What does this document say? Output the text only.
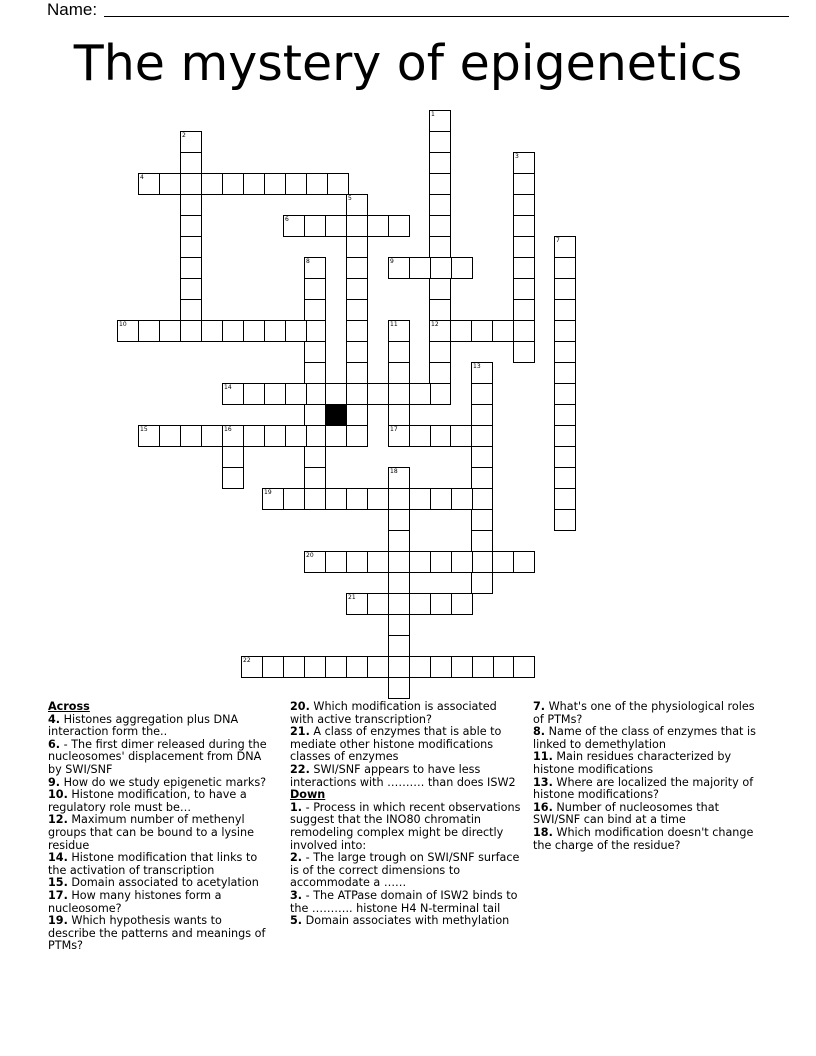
Name:
The mystery of epigenetics
1
12
2
3
4
5
6
7
8	9
10	11
17
13
14
15	16
18
19
20
21
22
Across
4. Histones aggregation plus DNA interaction form the..
6. - The first dimer released during the nucleosomes' displacement from DNA by SWI/SNF
9. How do we study epigenetic marks?
10. Histone modification, to have a regulatory role must be…
12. Maximum number of methenyl groups that can be bound to a lysine residue
14. Histone modification that links to the activation of transcription
15. Domain associated to acetylation
17. How many histones form a nucleosome?
19. Which hypothesis wants to describe the patterns and meanings of PTMs?
20. Which modification is associated with active transcription?
21. A class of enzymes that is able to mediate other histone modifications classes of enzymes
22. SWI/SNF appears to have less interactions with ………. than does ISW2
Down
1. - Process in which recent observations suggest that the INO80 chromatin remodeling complex might be directly involved into:
2. - The large trough on SWI/SNF surface is of the correct dimensions to accommodate a ……
3. - The ATPase domain of ISW2 binds to the ……….. histone H4 N-terminal tail
5. Domain associates with methylation
7. What's one of the physiological roles of PTMs?
8. Name of the class of enzymes that is linked to demethylation
11. Main residues characterized by histone modifications
13. Where are localized the majority of histone modifications?
16. Number of nucleosomes that SWI/SNF can bind at a time
18. Which modification doesn't change the charge of the residue?
